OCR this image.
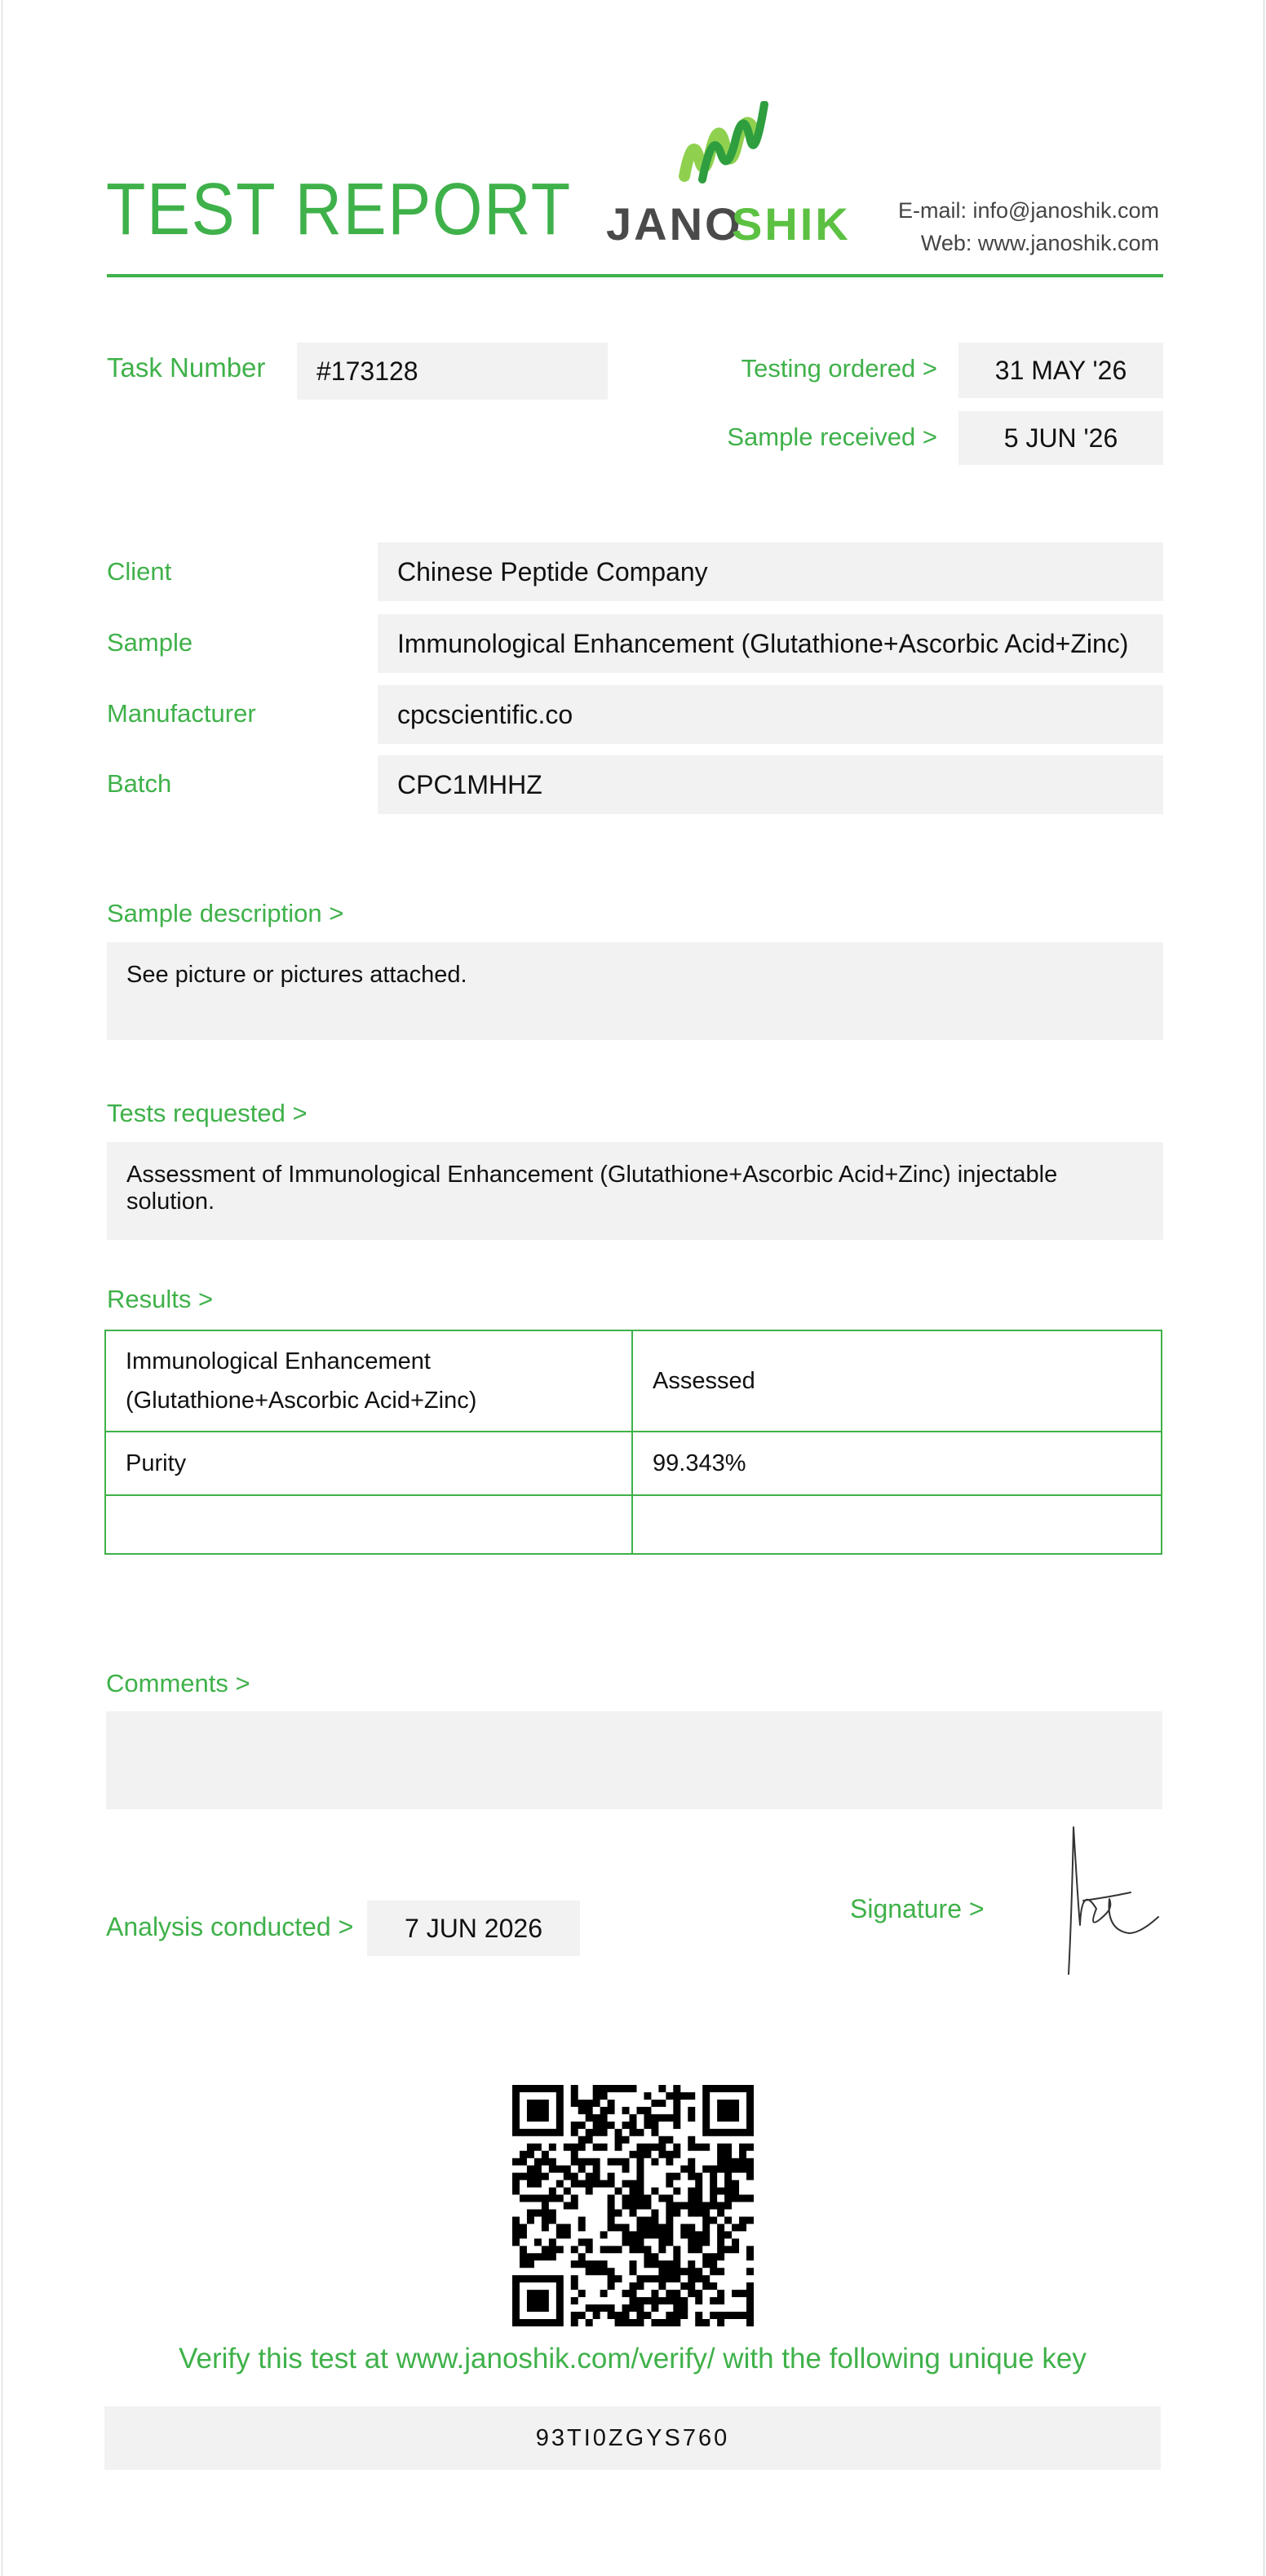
TEST REPORT JANO
SHIK E-mail: info@janoshik.com
Web: www.janoshik.com
Task Number	#173128	Testing ordered >	31 MAY '26
Sample received >	5 JUN '26
Client	Chinese Peptide Company
Sample	Immunological Enhancement (Glutathione+Ascorbic Acid+Zinc)
Manufacturer	cpcscientific.co
Batch	CPC1MHHZ
Sample description >
See picture or pictures attached.
Tests requested >
Assessment of Immunological Enhancement (Glutathione+Ascorbic Acid+Zinc) injectable solution.
Results >
Immunological Enhancement
(Glutathione+Ascorbic Acid+Zinc)	Assessed
Purity	99.343%

Comments >
Analysis conducted >	7 JUN 2026
Signature >
Verify this test at www.janoshik.com/verify/ with the following unique key
93TI0ZGYS760
